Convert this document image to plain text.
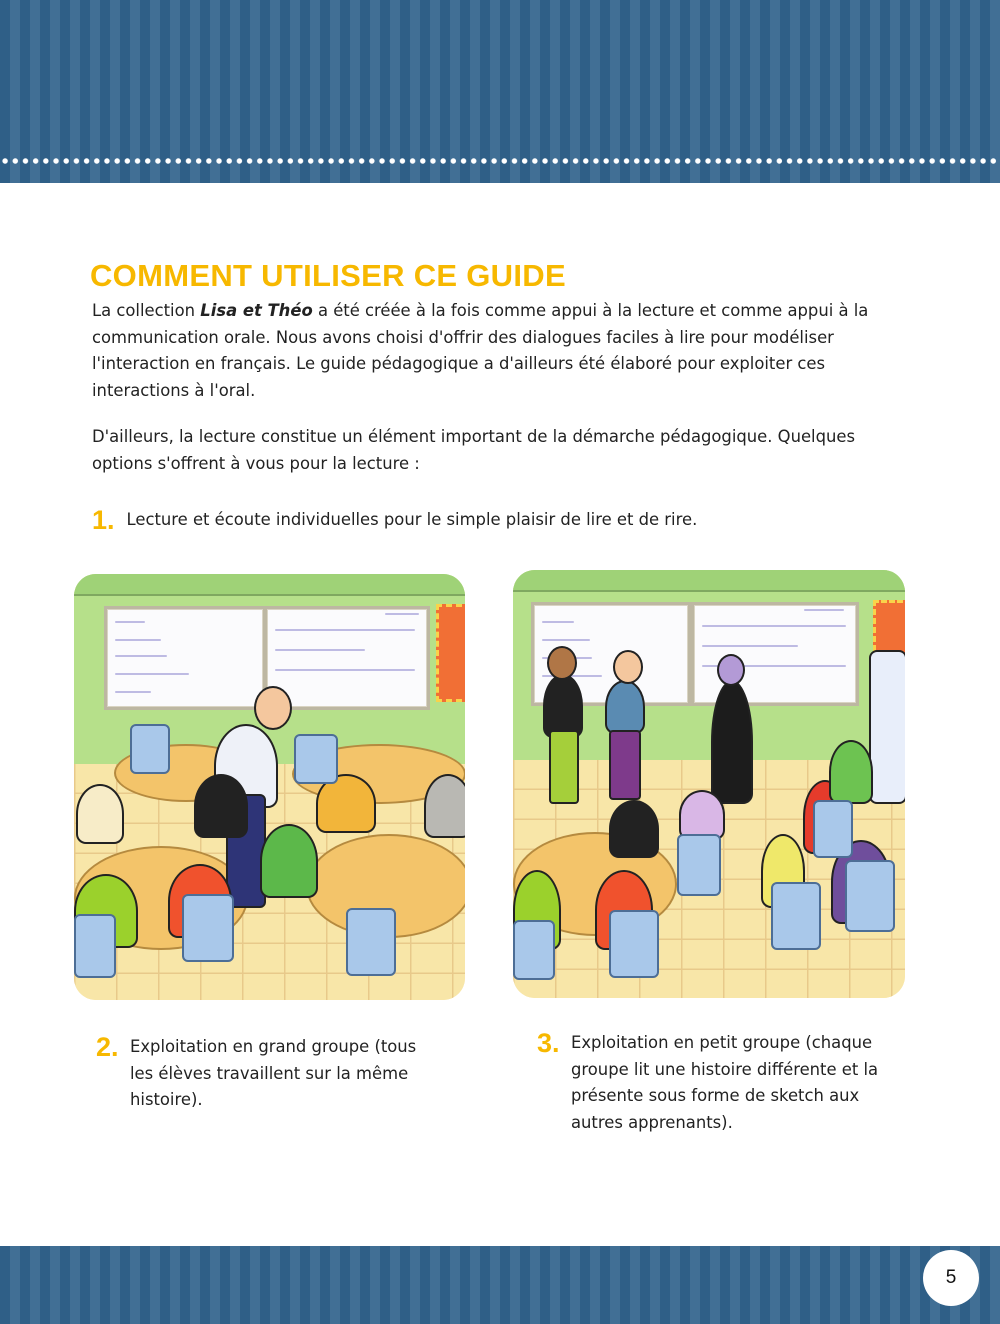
COMMENT UTILISER CE GUIDE

La collection Lisa et Théo a été créée à la fois comme appui à la lecture et comme appui à la communication orale. Nous avons choisi d'offrir des dialogues faciles à lire pour modéliser l'interaction en français. Le guide pédagogique a d'ailleurs été élaboré pour exploiter ces interactions à l'oral.

D'ailleurs, la lecture constitue un élément important de la démarche pédagogique. Quelques options s'offrent à vous pour la lecture :

1. Lecture et écoute individuelles pour le simple plaisir de lire et de rire.
2. Exploitation en grand groupe (tous les élèves travaillent sur la même histoire).
3. Exploitation en petit groupe (chaque groupe lit une histoire différente et la présente sous forme de sketch aux autres apprenants).
5
